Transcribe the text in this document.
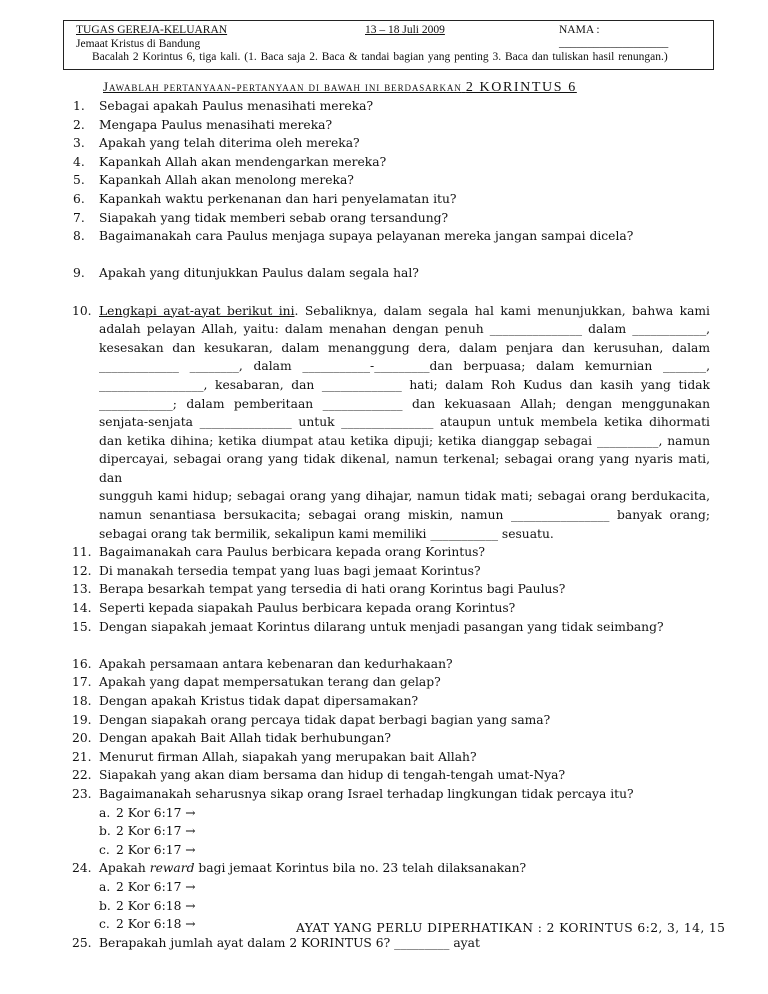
TUGAS GEREJA-KELUARAN	13 – 18 Juli 2009	NAMA : ___________________
Jemaat Kristus di Bandung
Bacalah 2 Korintus 6, tiga kali. (1. Baca saja 2. Baca & tandai bagian yang penting 3. Baca dan tuliskan hasil renungan.)
Jawablah pertanyaan-pertanyaan di bawah ini berdasarkan 2 KORINTUS 6
1. Sebagai apakah Paulus menasihati mereka?
2. Mengapa Paulus menasihati mereka?
3. Apakah yang telah diterima oleh mereka?
4. Kapankah Allah akan mendengarkan mereka?
5. Kapankah Allah akan menolong mereka?
6. Kapankah waktu perkenanan dan hari penyelamatan itu?
7. Siapakah yang tidak memberi sebab orang tersandung?
8. Bagaimanakah cara Paulus menjaga supaya pelayanan mereka jangan sampai dicela?
9. Apakah yang ditunjukkan Paulus dalam segala hal?
10. Lengkapi ayat-ayat berikut ini. Sebaliknya, dalam segala hal kami menunjukkan, bahwa kami
adalah pelayan Allah, yaitu: dalam menahan dengan penuh _______________ dalam ____________,
kesesakan dan kesukaran, dalam menanggung dera, dalam penjara dan kerusuhan, dalam
_____________ ________, dalam ___________-_________dan berpuasa; dalam kemurnian _______,
_________________, kesabaran, dan _____________ hati; dalam Roh Kudus dan kasih yang tidak
____________; dalam pemberitaan _____________ dan kekuasaan Allah; dengan menggunakan
senjata-senjata _______________ untuk _______________ ataupun untuk membela ketika dihormati
dan ketika dihina; ketika diumpat atau ketika dipuji; ketika dianggap sebagai __________, namun
dipercayai, sebagai orang yang tidak dikenal, namun terkenal; sebagai orang yang nyaris mati, dan
sungguh kami hidup; sebagai orang yang dihajar, namun tidak mati; sebagai orang berdukacita,
namun senantiasa bersukacita; sebagai orang miskin, namun ________________ banyak orang;
sebagai orang tak bermilik, sekalipun kami memiliki ___________ sesuatu.
11. Bagaimanakah cara Paulus berbicara kepada orang Korintus?
12. Di manakah tersedia tempat yang luas bagi jemaat Korintus?
13. Berapa besarkah tempat yang tersedia di hati orang Korintus bagi Paulus?
14. Seperti kepada siapakah Paulus berbicara kepada orang Korintus?
15. Dengan siapakah jemaat Korintus dilarang untuk menjadi pasangan yang tidak seimbang?
16. Apakah persamaan antara kebenaran dan kedurhakaan?
17. Apakah yang dapat mempersatukan terang dan gelap?
18. Dengan apakah Kristus tidak dapat dipersamakan?
19. Dengan siapakah orang percaya tidak dapat berbagi bagian yang sama?
20. Dengan apakah Bait Allah tidak berhubungan?
21. Menurut firman Allah, siapakah yang merupakan bait Allah?
22. Siapakah yang akan diam bersama dan hidup di tengah-tengah umat-Nya?
23. Bagaimanakah seharusnya sikap orang Israel terhadap lingkungan tidak percaya itu?
a. 2 Kor 6:17 →
b. 2 Kor 6:17 →
c. 2 Kor 6:17 →
24. Apakah reward bagi jemaat Korintus bila no. 23 telah dilaksanakan?
a. 2 Kor 6:17 →
b. 2 Kor 6:18 →
c. 2 Kor 6:18 →
25. Berapakah jumlah ayat dalam 2 KORINTUS 6? _________ ayat
AYAT YANG PERLU DIPERHATIKAN : 2 KORINTUS 6:2, 3, 14, 15
